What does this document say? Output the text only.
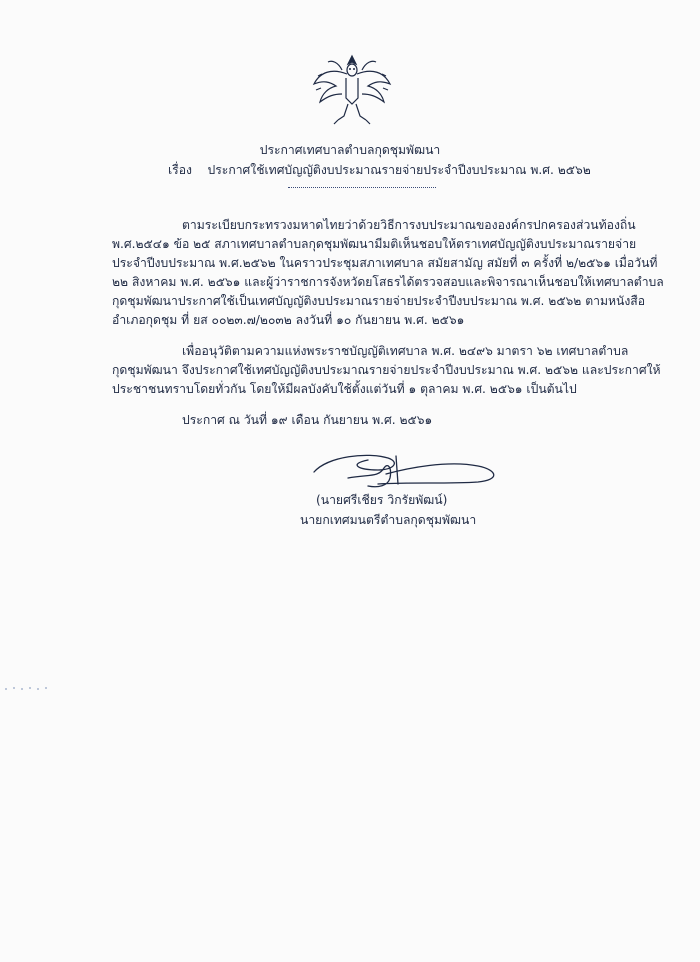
ประกาศเทศบาลตำบลกุดชุมพัฒนา
เรื่อง ประกาศใช้เทศบัญญัติงบประมาณรายจ่ายประจำปีงบประมาณ พ.ศ. ๒๕๖๒
ตามระเบียบกระทรวงมหาดไทยว่าด้วยวิธีการงบประมาณขององค์กรปกครองส่วนท้องถิ่น
พ.ศ.๒๕๔๑ ข้อ ๒๕ สภาเทศบาลตำบลกุดชุมพัฒนามีมติเห็นชอบให้ตราเทศบัญญัติงบประมาณรายจ่าย
ประจำปีงบประมาณ พ.ศ.๒๕๖๒ ในคราวประชุมสภาเทศบาล สมัยสามัญ สมัยที่ ๓ ครั้งที่ ๒/๒๕๖๑ เมื่อวันที่
๒๒ สิงหาคม พ.ศ. ๒๕๖๑ และผู้ว่าราชการจังหวัดยโสธรได้ตรวจสอบและพิจารณาเห็นชอบให้เทศบาลตำบล
กุดชุมพัฒนาประกาศใช้เป็นเทศบัญญัติงบประมาณรายจ่ายประจำปีงบประมาณ พ.ศ. ๒๕๖๒ ตามหนังสือ
อำเภอกุดชุม ที่ ยส ๐๐๒๓.๗/๒๐๓๒ ลงวันที่ ๑๐ กันยายน พ.ศ. ๒๕๖๑
เพื่ออนุวัติตามความแห่งพระราชบัญญัติเทศบาล พ.ศ. ๒๔๙๖ มาตรา ๖๒ เทศบาลตำบล
กุดชุมพัฒนา จึงประกาศใช้เทศบัญญัติงบประมาณรายจ่ายประจำปีงบประมาณ พ.ศ. ๒๕๖๒ และประกาศให้
ประชาชนทราบโดยทั่วกัน โดยให้มีผลบังคับใช้ตั้งแต่วันที่ ๑ ตุลาคม พ.ศ. ๒๕๖๑ เป็นต้นไป
ประกาศ ณ วันที่ ๑๙ เดือน กันยายน พ.ศ. ๒๕๖๑
(นายศรีเชียร วิกรัยพัฒน์)
นายกเทศมนตรีตำบลกุดชุมพัฒนา
